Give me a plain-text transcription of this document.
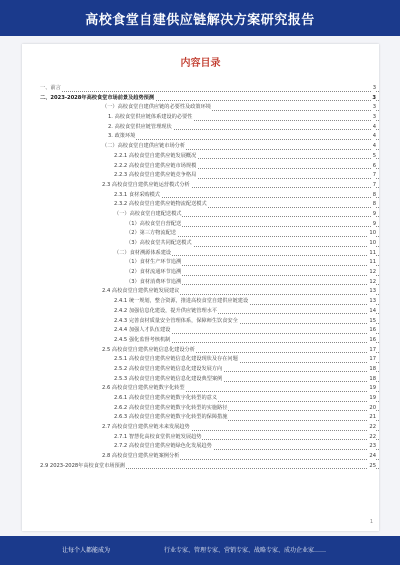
高校食堂自建供应链解决方案研究报告
内容目录
一、前言	3
二、2023-2028年高校食堂市场前景及趋势预测	3
（一）高校食堂自建供应链的必要性及政策环境	3
1. 高校食堂供应链体系建设的必要性	3
2. 高校食堂供应链管理现状	4
3. 政策环境	4
（二）高校食堂自建供应链市场分析	4
2.2.1 高校食堂自建供应链发展概况	5
2.2.2 高校食堂自建供应链市场规模	6
2.2.3 高校食堂自建供应链竞争格局	7
2.3 高校食堂自建供应链运营模式分析	7
2.3.1 食材采购模式	8
2.3.2 高校食堂自建供应链物流配送模式	8
（一）高校食堂自建配送模式	9
（1）高校食堂自营配送	9
（2）第三方物流配送	10
（3）高校食堂共同配送模式	10
（二）食材溯源体系建设	11
（1）食材生产环节追溯	11
（2）食材流通环节追溯	12
（3）食材消费环节追溯	12
2.4 高校食堂自建供应链发展建议	13
2.4.1 统一规划，整合资源，推进高校食堂自建供应链建设	13
2.4.2 加强信息化建设，提升供应链管理水平	14
2.4.3 完善食材质量安全管理体系，保障师生饮食安全	15
2.4.4 加强人才队伍建设	16
2.4.5 强化监督考核机制	16
2.5 高校食堂自建供应链信息化建设分析	17
2.5.1 高校食堂自建供应链信息化建设现状及存在问题	17
2.5.2 高校食堂自建供应链信息化建设发展方向	18
2.5.3 高校食堂自建供应链信息化建设典型案例	18
2.6 高校食堂自建供应链数字化转型	19
2.6.1 高校食堂自建供应链数字化转型的意义	19
2.6.2 高校食堂自建供应链数字化转型的实施路径	20
2.6.3 高校食堂自建供应链数字化转型的保障措施	21
2.7 高校食堂自建供应链未来发展趋势	22
2.7.1 智慧化高校食堂供应链发展趋势	22
2.7.2 高校食堂自建供应链绿色化发展趋势	23
2.8 高校食堂自建供应链案例分析	24
2.9 2023-2028年高校食堂市场预测	25
1
让每个人都能成为	行业专家、管理专家、营销专家、战略专家、成功企业家……
